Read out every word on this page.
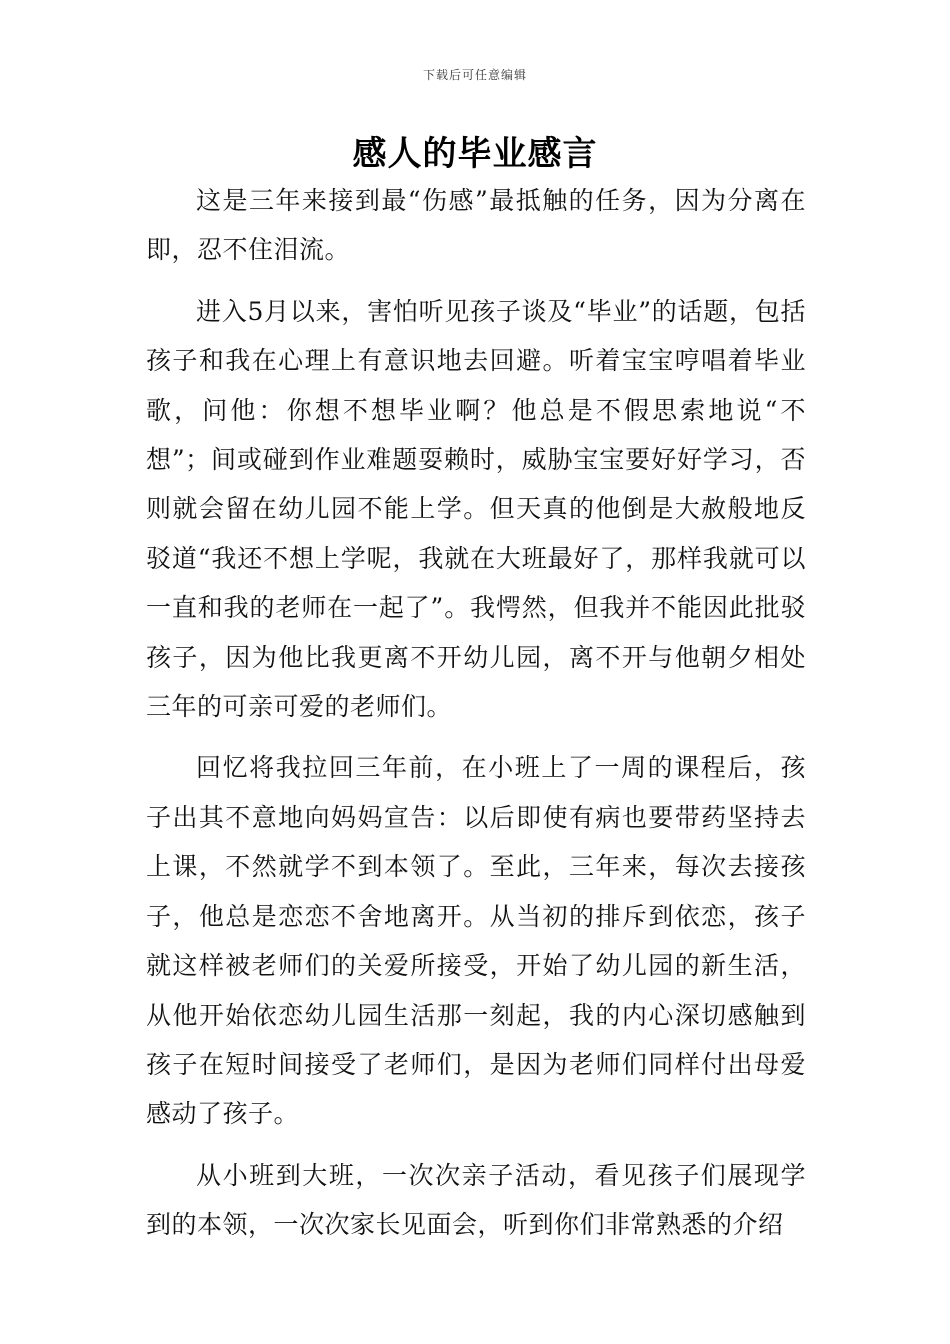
下载后可任意编辑
感人的毕业感言

这是三年来接到最“伤感”最抵触的任务，因为分离在即，忍不住泪流。

进入5月以来，害怕听见孩子谈及“毕业”的话题，包括孩子和我在心理上有意识地去回避。听着宝宝哼唱着毕业歌，问他：你想不想毕业啊？他总是不假思索地说“不想”；间或碰到作业难题耍赖时，威胁宝宝要好好学习，否则就会留在幼儿园不能上学。但天真的他倒是大赦般地反驳道“我还不想上学呢，我就在大班最好了，那样我就可以一直和我的老师在一起了”。我愕然，但我并不能因此批驳孩子，因为他比我更离不开幼儿园，离不开与他朝夕相处三年的可亲可爱的老师们。

回忆将我拉回三年前，在小班上了一周的课程后，孩子出其不意地向妈妈宣告：以后即使有病也要带药坚持去上课，不然就学不到本领了。至此，三年来，每次去接孩子，他总是恋恋不舍地离开。从当初的排斥到依恋，孩子就这样被老师们的关爱所接受，开始了幼儿园的新生活，从他开始依恋幼儿园生活那一刻起，我的内心深切感触到孩子在短时间接受了老师们，是因为老师们同样付出母爱感动了孩子。

从小班到大班，一次次亲子活动，看见孩子们展现学到的本领，一次次家长见面会，听到你们非常熟悉的介绍
